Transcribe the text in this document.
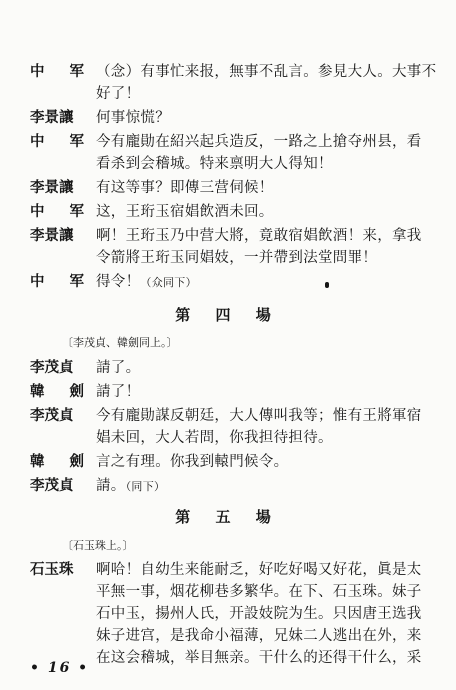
中 军 （念）有事忙来报，無事不乱言。参見大人。大事不
好了！
李景讓	何事惊慌？
中 军 今有龐勛在紹兴起兵造反，一路之上搶夺州县，看
看杀到会稽城。特来禀明大人得知！
李景讓	有这等事？即傳三营伺候！
中 军 这，王珩玉宿娼飲酒未回。
李景讓	啊！王珩玉乃中营大將，竟敢宿娼飲酒！来，拿我
令箭將王珩玉同娼妓，一并帶到法堂問罪！
中 军 得令！（众同下）
第 四 場
〔李茂貞、韓劍同上。〕
李茂貞	請了。
韓 劍 請了！
李茂貞	今有龐勛謀反朝廷，大人傳叫我等；惟有王將軍宿
娼未回，大人若問，你我担待担待。
韓 劍 言之有理。你我到轅門候令。
李茂貞	請。（同下）
第 五 場
〔石玉珠上。〕
石玉珠	啊哈！自幼生来能耐乏，好吃好喝又好花，眞是太
平無一事，烟花柳巷多繁华。在下、石玉珠。妹子
石中玉，揚州人氏，开設妓院为生。只因唐王选我
妹子进宫，是我命小福薄，兄妹二人逃出在外，来
在这会稽城，举目無亲。干什么的还得干什么，采
• 16 •
